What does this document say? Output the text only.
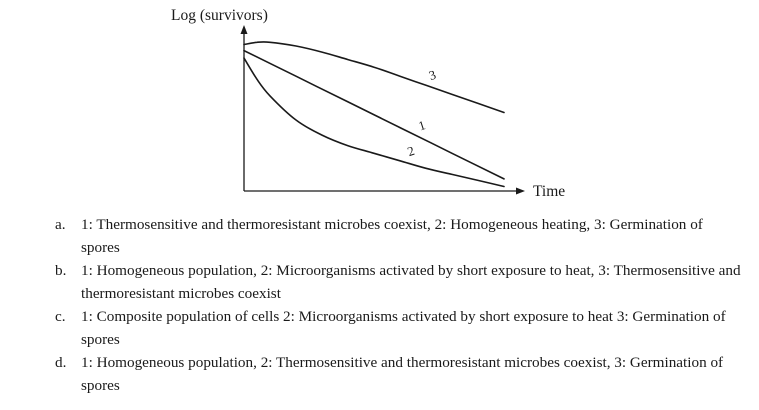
Log (survivors)
Time
3
1
2
a. 1: Thermosensitive and thermoresistant microbes coexist, 2: Homogeneous heating, 3: Germination of spores
b. 1: Homogeneous population, 2: Microorganisms activated by short exposure to heat, 3: Thermosensitive and thermoresistant microbes coexist
c. 1: Composite population of cells 2: Microorganisms activated by short exposure to heat 3: Germination of spores
d. 1: Homogeneous population, 2: Thermosensitive and thermoresistant microbes coexist, 3: Germination of spores
